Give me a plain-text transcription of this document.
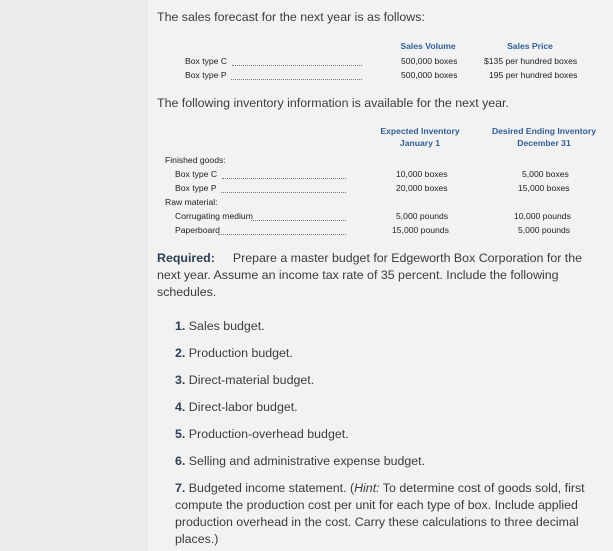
The sales forecast for the next year is as follows:

Sales Volume	Sales Price
Box type C	500,000 boxes	$135 per hundred boxes
Box type P	500,000 boxes	195 per hundred boxes

The following inventory information is available for the next year.

Expected Inventory
January 1
Desired Ending Inventory
December 31
Finished goods:
Box type C	10,000 boxes	5,000 boxes
Box type P	20,000 boxes	15,000 boxes
Raw material:
Corrugating medium	5,000 pounds	10,000 pounds
Paperboard	15,000 pounds	5,000 pounds

Required: Prepare a master budget for Edgeworth Box Corporation for the next year. Assume an income tax rate of 35 percent. Include the following schedules.

1. Sales budget.
2. Production budget.
3. Direct-material budget.
4. Direct-labor budget.
5. Production-overhead budget.
6. Selling and administrative expense budget.
7. Budgeted income statement. (Hint: To determine cost of goods sold, first compute the production cost per unit for each type of box. Include applied production overhead in the cost. Carry these calculations to three decimal places.)
